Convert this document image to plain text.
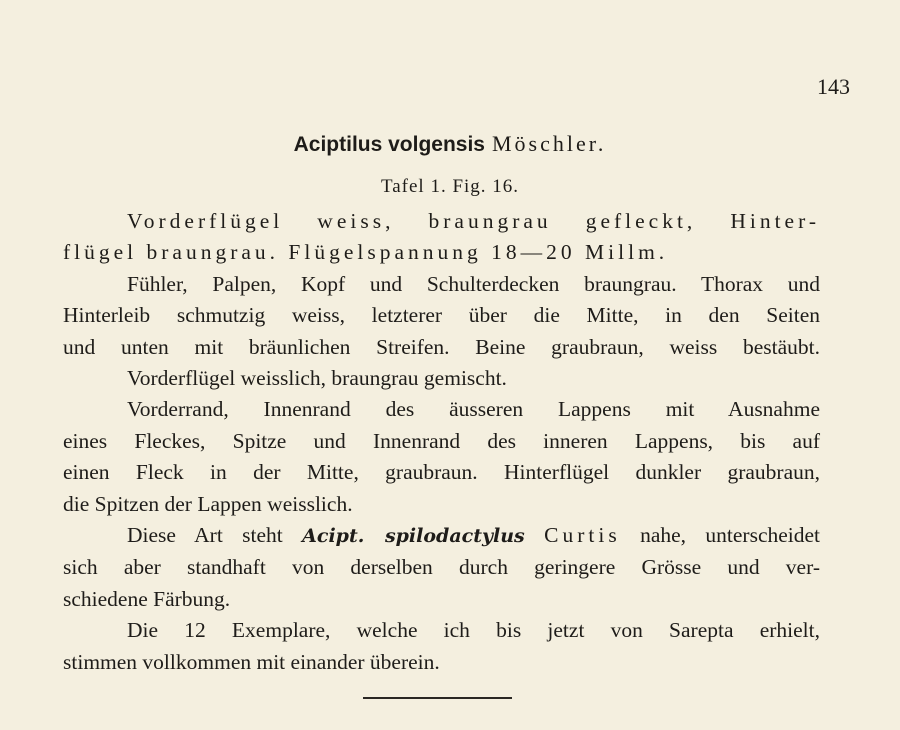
143
Aciptilus volgensis Möschler.
Tafel 1. Fig. 16.

Vorderflügel weiss, braungrau gefleckt, Hinter-
flügel braungrau. Flügelspannung 18—20 Millm.

Fühler, Palpen, Kopf und Schulterdecken braungrau. Thorax und
Hinterleib schmutzig weiss, letzterer über die Mitte, in den Seiten
und unten mit bräunlichen Streifen. Beine graubraun, weiss bestäubt.

Vorderflügel weisslich, braungrau gemischt.

Vorderrand, Innenrand des äusseren Lappens mit Ausnahme
eines Fleckes, Spitze und Innenrand des inneren Lappens, bis auf
einen Fleck in der Mitte, graubraun. Hinterflügel dunkler graubraun,
die Spitzen der Lappen weisslich.

Diese Art steht Acipt. spilodactylus Curtis nahe, unterscheidet
sich aber standhaft von derselben durch geringere Grösse und ver-
schiedene Färbung.

Die 12 Exemplare, welche ich bis jetzt von Sarepta erhielt,
stimmen vollkommen mit einander überein.
